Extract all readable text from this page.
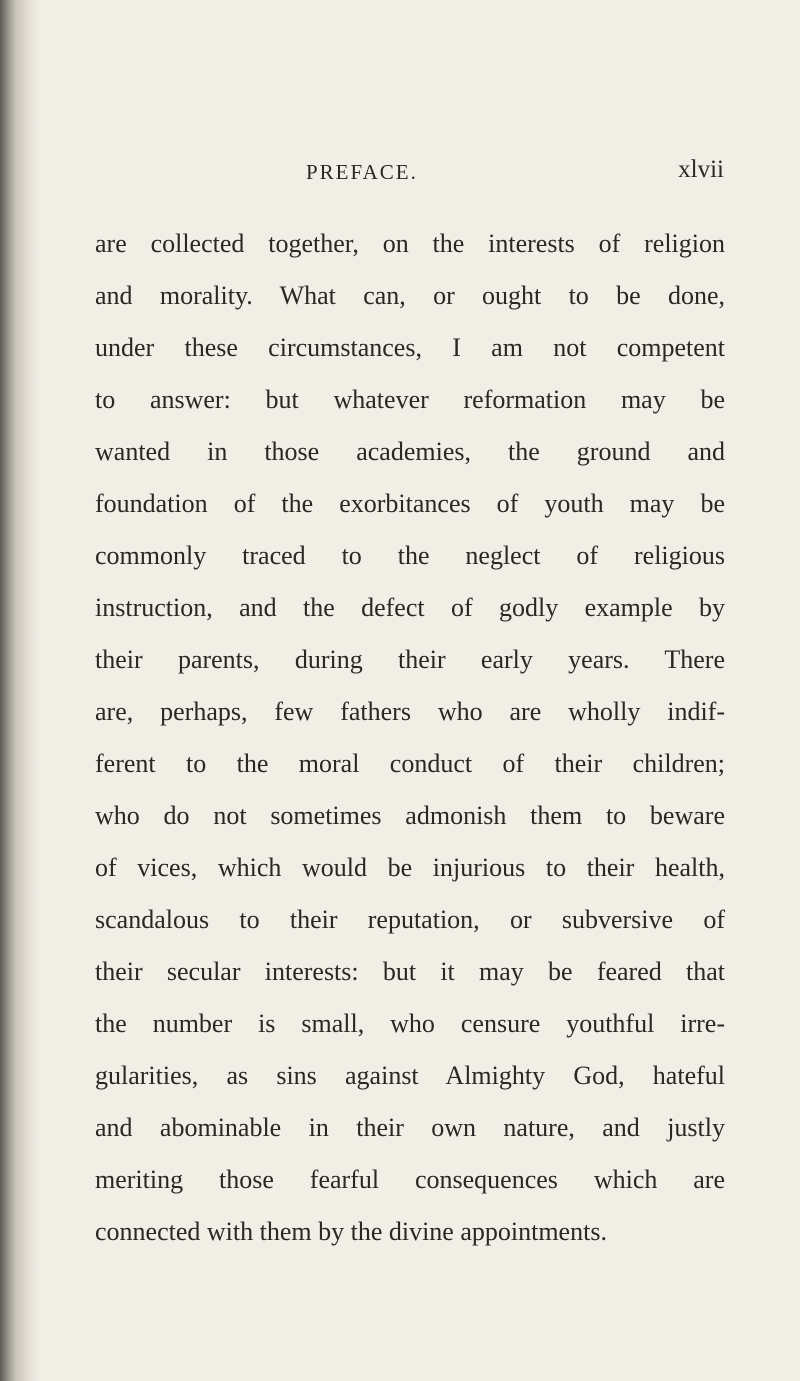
PREFACE.	xlvii
are collected together, on the interests of religion
and morality. What can, or ought to be done,
under these circumstances, I am not competent
to answer: but whatever reformation may be
wanted in those academies, the ground and
foundation of the exorbitances of youth may be
commonly traced to the neglect of religious
instruction, and the defect of godly example by
their parents, during their early years. There
are, perhaps, few fathers who are wholly indif-
ferent to the moral conduct of their children;
who do not sometimes admonish them to beware
of vices, which would be injurious to their health,
scandalous to their reputation, or subversive of
their secular interests: but it may be feared that
the number is small, who censure youthful irre-
gularities, as sins against Almighty God, hateful
and abominable in their own nature, and justly
meriting those fearful consequences which are
connected with them by the divine appointments.
